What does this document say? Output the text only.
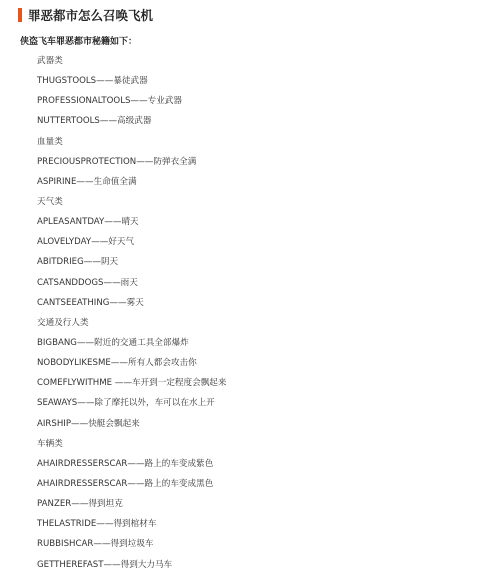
罪恶都市怎么召唤飞机
侠盗飞车罪恶都市秘籍如下：
武器类
THUGSTOOLS——暴徒武器
PROFESSIONALTOOLS——专业武器
NUTTERTOOLS——高级武器
血量类
PRECIOUSPROTECTION——防弹衣全满
ASPIRINE——生命值全满
天气类
APLEASANTDAY——晴天
ALOVELYDAY——好天气
ABITDRIEG——阴天
CATSANDDOGS——雨天
CANTSEEATHING——雾天
交通及行人类
BIGBANG——附近的交通工具全部爆炸
NOBODYLIKESME——所有人都会攻击你
COMEFLYWITHME ——车开到一定程度会飘起来
SEAWAYS——除了摩托以外，车可以在水上开
AIRSHIP——快艇会飘起来
车辆类
AHAIRDRESSERSCAR——路上的车变成紫色
AHAIRDRESSERSCAR——路上的车变成黑色
PANZER——得到坦克
THELASTRIDE——得到棺材车
RUBBISHCAR——得到垃圾车
GETTHEREFAST——得到大力马车
